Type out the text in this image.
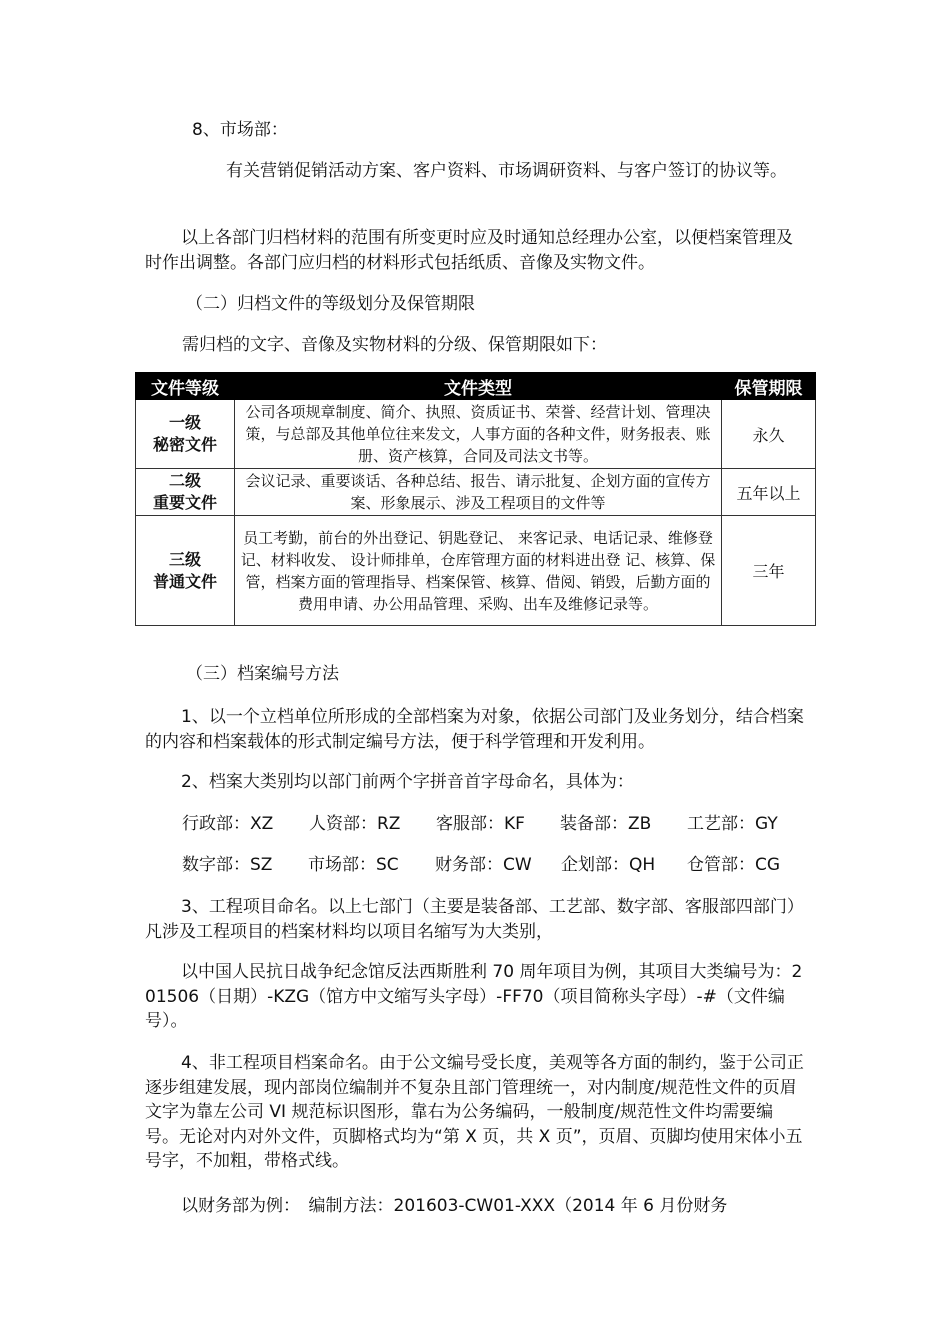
8、市场部：

有关营销促销活动方案、客户资料、市场调研资料、与客户签订的协议等。

以上各部门归档材料的范围有所变更时应及时通知总经理办公室，以便档案管理及时作出调整。各部门应归档的材料形式包括纸质、音像及实物文件。

（二）归档文件的等级划分及保管期限

需归档的文字、音像及实物材料的分级、保管期限如下：

文件等级	文件类型	保管期限

一级
秘密文件	公司各项规章制度、简介、执照、资质证书、荣誉、经营计划、管理决策，与总部及其他单位往来发文，人事方面的各种文件，财务报表、账册、资产核算，合同及司法文书等。	永久

二级
重要文件	会议记录、重要谈话、各种总结、报告、请示批复、企划方面的宣传方案、形象展示、涉及工程项目的文件等	五年以上

三级
普通文件	员工考勤，前台的外出登记、钥匙登记、 来客记录、电话记录、维修登记、材料收发、 设计师排单，仓库管理方面的材料进出登 记、核算、保管，档案方面的管理指导、档案保管、核算、借阅、销毁，后勤方面的费用申请、办公用品管理、采购、出车及维修记录等。	三年

（三）档案编号方法

1、以一个立档单位所形成的全部档案为对象，依据公司部门及业务划分，结合档案的内容和档案载体的形式制定编号方法，便于科学管理和开发利用。

2、档案大类别均以部门前两个字拼音首字母命名，具体为：

行政部：XZ	人资部：RZ	客服部：KF	装备部：ZB	工艺部：GY
数字部：SZ	市场部：SC	财务部：CW	企划部：QH	仓管部：CG

3、工程项目命名。以上七部门（主要是装备部、工艺部、数字部、客服部四部门）凡涉及工程项目的档案材料均以项目名缩写为大类别，

以中国人民抗日战争纪念馆反法西斯胜利 70 周年项目为例，其项目大类编号为：201506（日期）-KZG（馆方中文缩写头字母）-FF70（项目简称头字母）-#（文件编号）。

4、非工程项目档案命名。由于公文编号受长度，美观等各方面的制约，鉴于公司正逐步组建发展，现内部岗位编制并不复杂且部门管理统一，对内制度/规范性文件的页眉文字为靠左公司 VI 规范标识图形，靠右为公务编码，一般制度/规范性文件均需要编号。无论对内对外文件，页脚格式均为“第 X 页，共 X 页”，页眉、页脚均使用宋体小五号字，不加粗，带格式线。

以财务部为例：　编制方法：201603-CW01-XXX（2014 年 6 月份财务
